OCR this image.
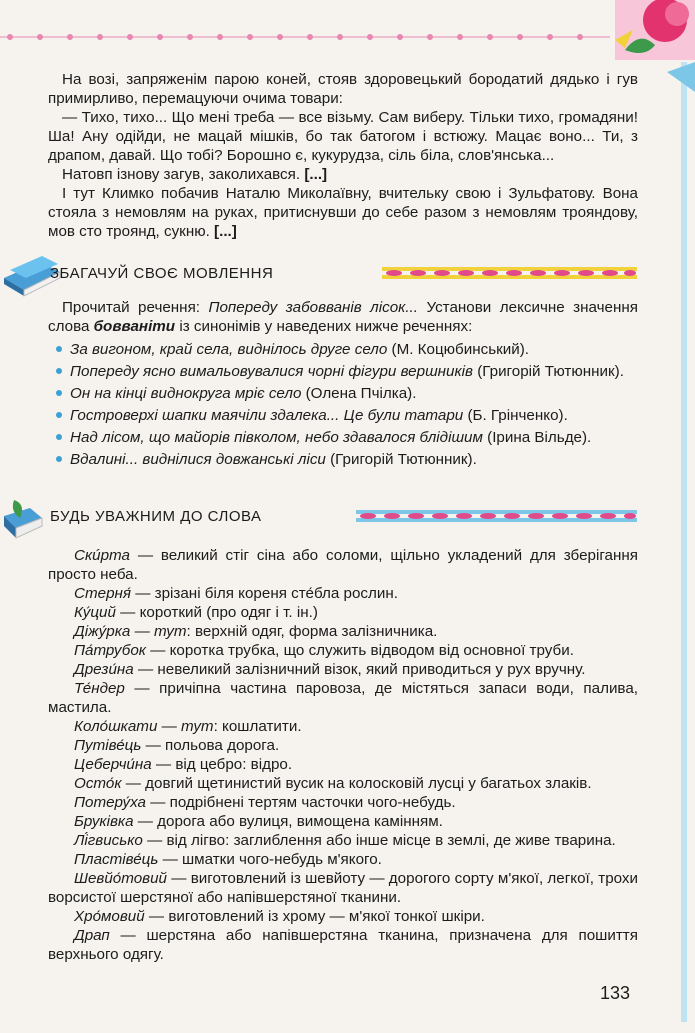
На возі, запряженім парою коней, стояв здоровецький бородатий дядько і гув примирливо, перемацуючи очима товари:

— Тихо, тихо... Що мені треба — все візьму. Сам виберу. Тільки тихо, громадяни! Ша! Ану одійди, не мацай мішків, бо так батогом і встюжу. Мацає воно... Ти, з драпом, давай. Що тобі? Борошно є, кукурудза, сіль біла, слов'янська...

Натовп ізнову загув, заколихався. [...]

І тут Климко побачив Наталю Миколаївну, вчительку свою і Зульфатову. Вона стояла з немовлям на руках, притиснувши до себе разом з немовлям трояндову, мов сто троянд, сукню. [...]

ЗБАГАЧУЙ СВОЄ МОВЛЕННЯ

Прочитай речення: Попереду забовванів лісок... Установи лексичне значення слова бовваніти із синонімів у наведених нижче реченнях:

За вигоном, край села, виднілось друге село (М. Коцюбинський).
Попереду ясно вимальовувалися чорні фігури вершників (Григорій Тютюнник).
Он на кінці виднокруга мріє село (Олена Пчілка).
Гостроверхі шапки маячіли здалека... Це були татари (Б. Грінченко).
Над лісом, що майорів півколом, небо здавалося блідішим (Ірина Вільде).
Вдалині... виднілися довжанські ліси (Григорій Тютюнник).
БУДЬ УВАЖНИМ ДО СЛОВА
Скúрта — великий стіг сіна або соломи, щільно укладений для зберігання просто неба.
Стерня́ — зрізані біля кореня сте́бла рослин.
Ку́ций — короткий (про одяг і т. ін.)
Діжу́рка — тут: верхній одяг, форма залізничника.
Па́трубок — коротка трубка, що служить відводом від основної труби.
Дрези́на — невеликий залізничний візок, який приводиться у рух вручну.
Те́ндер — причіпна частина паровоза, де містяться запаси води, палива, мастила.
Коло́шкати — тут: кошлатити.
Путіве́ць — польова дорога.
Цеберчи́на — від цебро: відро.
Осто́к — довгий щетинистий вусик на колосковій лусці у багатьох злаків.
Потеру́ха — подрібнені тертям часточки чого-небудь.
Бруківка — дорога або вулиця, вимощена камінням.
Лі́гвисько — від лігво: заглиблення або інше місце в землі, де живе тварина.
Пластіве́ць — шматки чого-небудь м'якого.
Шевйо́товий — виготовлений із шевйоту — дорогого сорту м'якої, легкої, трохи ворсистої шерстяної або напівшерстяної тканини.
Хро́мовий — виготовлений із хрому — м'якої тонкої шкіри.
Драп — шерстяна або напівшерстяна тканина, призначена для пошиття верхнього одягу.
133
